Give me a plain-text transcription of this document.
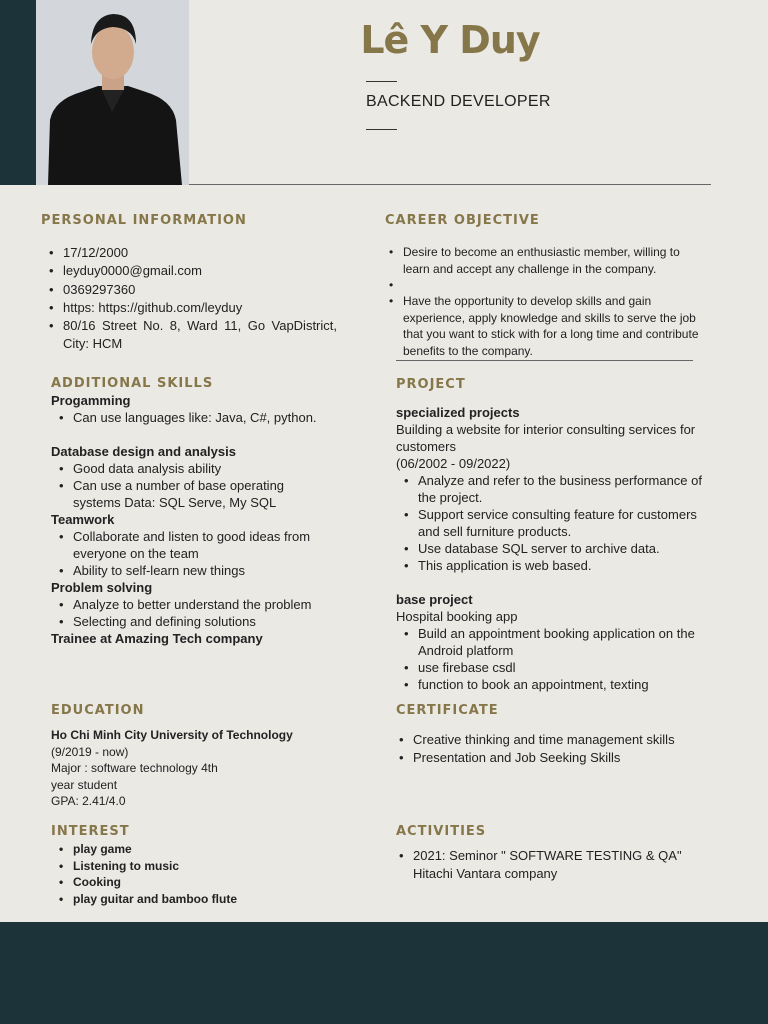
Lê Y Duy
BACKEND DEVELOPER
PERSONAL INFORMATION
• 17/12/2000
• leyduy0000@gmail.com
• 0369297360
• https: https://github.com/leyduy
• 80/16 Street No. 8, Ward 11, Go VapDistrict, City: HCM
CAREER OBJECTIVE
• Desire to become an enthusiastic member, willing to learn and accept any challenge in the company.
•
• Have the opportunity to develop skills and gain experience, apply knowledge and skills to serve the job that you want to stick with for a long time and contribute benefits to the company.
ADDITIONAL SKILLS
Progamming
• Can use languages like: Java, C#, python.
Database design and analysis
• Good data analysis ability
• Can use a number of base operating systems Data: SQL Serve, My SQL
Teamwork
• Collaborate and listen to good ideas from everyone on the team
• Ability to self-learn new things
Problem solving
• Analyze to better understand the problem
• Selecting and defining solutions
Trainee at Amazing Tech company
PROJECT
specialized projects
Building a website for interior consulting services for customers
(06/2002 - 09/2022)
• Analyze and refer to the business performance of the project.
• Support service consulting feature for customers and sell furniture products.
• Use database SQL server to archive data.
• This application is web based.
base project
Hospital booking app
• Build an appointment booking application on the Android platform
• use firebase csdl
• function to book an appointment, texting
EDUCATION
Ho Chi Minh City University of Technology
(9/2019 - now)
Major : software technology 4th
year student
GPA: 2.41/4.0
CERTIFICATE
• Creative thinking and time management skills
• Presentation and Job Seeking Skills
INTEREST
• play game
• Listening to music
• Cooking
• play guitar and bamboo flute
ACTIVITIES
• 2021: Seminor " SOFTWARE TESTING & QA" Hitachi Vantara company
